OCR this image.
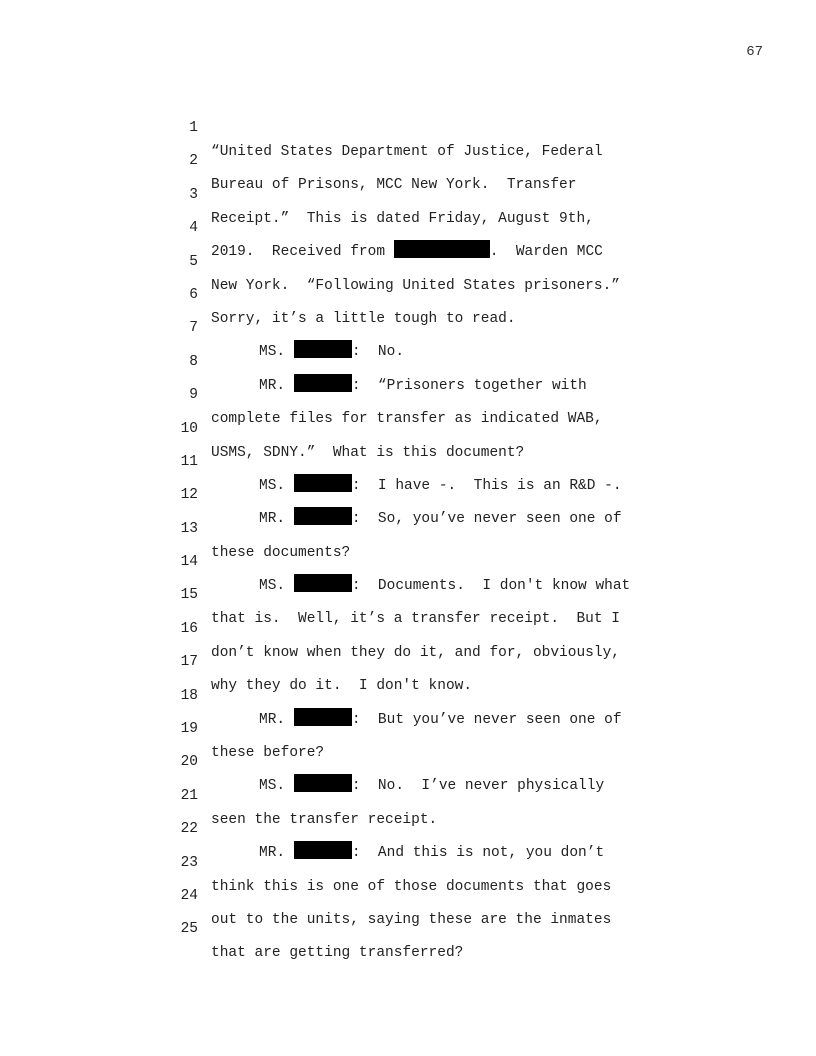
67

1

“United States Department of Justice, Federal

2

Bureau of Prisons, MCC New York.  Transfer

3

Receipt.”  This is dated Friday, August 9th,

4

2019.  Received from	.  Warden MCC

5

New York.  “Following United States prisoners.”

6

Sorry, it’s a little tough to read.

7

MS.	:  No.

8

MR.	:  “Prisoners together with

9

complete files for transfer as indicated WAB,

10

USMS, SDNY.”  What is this document?

11

MS.	:  I have -.  This is an R&D -.

12

MR.	:  So, you’ve never seen one of

13

these documents?

14

MS.	:  Documents.  I don't know what

15

that is.  Well, it’s a transfer receipt.  But I

16

don’t know when they do it, and for, obviously,

17

why they do it.  I don't know.

18

MR.	:  But you’ve never seen one of

19

these before?

20

MS.	:  No.  I’ve never physically

21

seen the transfer receipt.

22

MR.	:  And this is not, you don’t

23

think this is one of those documents that goes

24

out to the units, saying these are the inmates

25

that are getting transferred?
